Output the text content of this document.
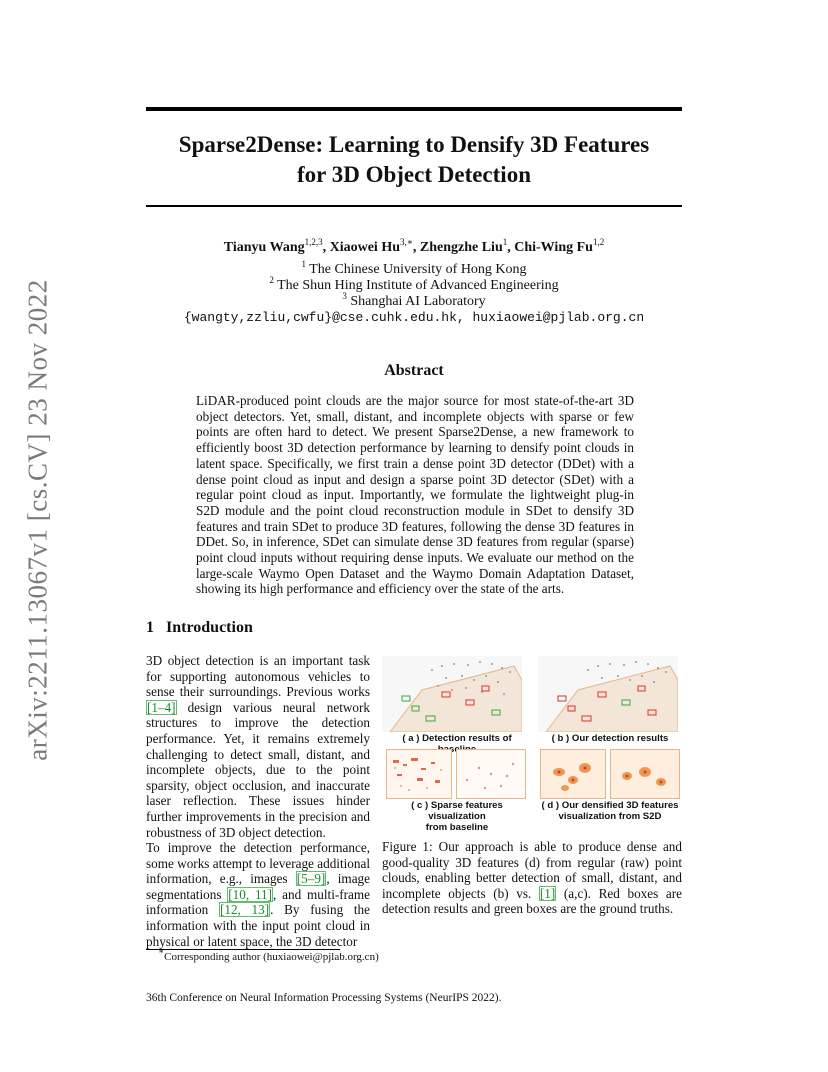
arXiv:2211.13067v1 [cs.CV] 23 Nov 2022
Sparse2Dense: Learning to Densify 3D Features
for 3D Object Detection
Tianyu Wang$^{1,2,3}$, Xiaowei $Hu^{3,∗}$, Zhengzhe Liu$^1$, Chi-Wing Fu$^{1,2}$
$^1$ The Chinese University of Hong Kong
$^2$ The Shun Hing Institute of Advanced Engineering
$^3$ Shanghai AI Laboratory
{wangty,zzliu,cwfu}@cse.cuhk.edu.hk, huxiaowei@pjlab.org.cn
Abstract
LiDAR-produced point clouds are the major source for most state-of-the-art 3D object detectors. Yet, small, distant, and incomplete objects with sparse or few points are often hard to detect. We present Sparse2Dense, a new framework to efficiently boost 3D detection performance by learning to densify point clouds in latent space. Specifically, we first train a dense point 3D detector (DDet) with a dense point cloud as input and design a sparse point 3D detector (SDet) with a regular point cloud as input. Importantly, we formulate the lightweight plug-in S2D module and the point cloud reconstruction module in SDet to densify 3D features and train SDet to produce 3D features, following the dense 3D features in DDet. So, in inference, SDet can simulate dense 3D features from regular (sparse) point cloud inputs without requiring dense inputs. We evaluate our method on the large-scale Waymo Open Dataset and the Waymo Domain Adaptation Dataset, showing its high performance and efficiency over the state of the arts.
1 Introduction
3D object detection is an important task for supporting autonomous vehicles to sense their surroundings. Previous works [1–4] design various neural network structures to improve the detection performance. Yet, it remains extremely challenging to detect small, distant, and incomplete objects, due to the point sparsity, object occlusion, and inaccurate laser reflection. These issues hinder further improvements in the precision and robustness of 3D object detection.
To improve the detection performance, some works attempt to leverage additional information, e.g., images [5–9], image segmentations [10, 11], and multi-frame information [12, 13]. By fusing the information with the input point cloud in physical or latent space, the 3D detector
( a ) Detection results of	( b ) Our detection results
( c ) Sparse features visualization
from baseline
( d ) Our densified 3D features
visualization from S2D
Figure 1: Our approach is able to produce dense and good-quality 3D features (d) from regular (raw) point clouds, enabling better detection of small, distant, and incomplete objects (b) vs. [1] (a,c). Red boxes are detection results and green boxes are the ground truths.
∗Corresponding author (huxiaowei@pjlab.org.cn)
36th Conference on Neural Information Processing Systems (NeurIPS 2022).
